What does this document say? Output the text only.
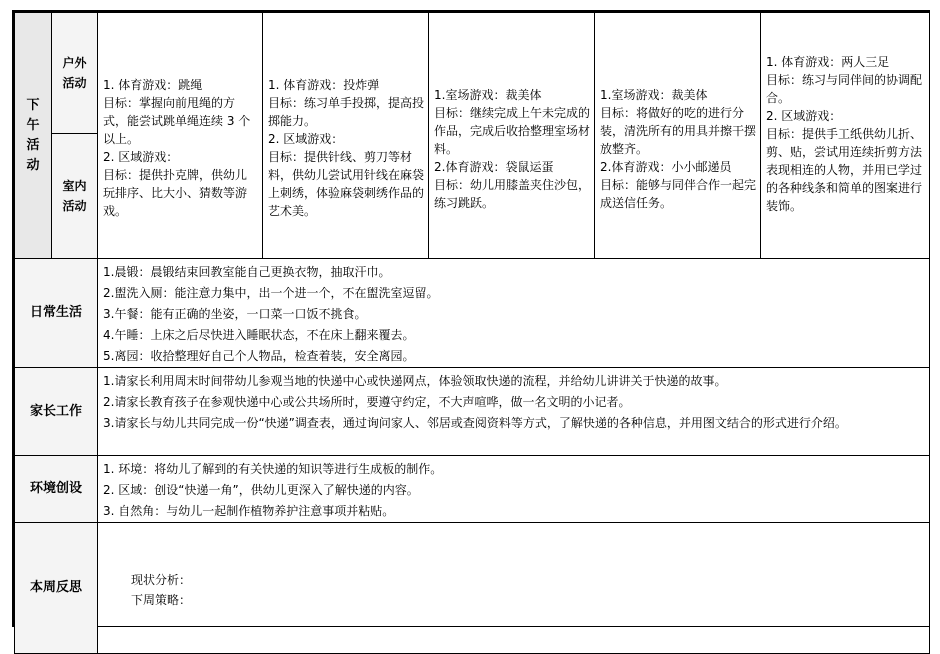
下午活动	户外活动	1. 体育游戏：跳绳
目标：掌握向前甩绳的方式，能尝试跳单绳连续 3 个以上。
2. 区域游戏：
目标：提供扑克牌，供幼儿玩排序、比大小、猜数等游戏。	1. 体育游戏：投炸弹
目标：练习单手投掷，提高投掷能力。
2. 区域游戏：
目标：提供针线、剪刀等材料，供幼儿尝试用针线在麻袋上刺绣，体验麻袋刺绣作品的艺术美。	1.室场游戏：裁美体
目标：继续完成上午未完成的作品，完成后收拾整理室场材料。
2.体育游戏：袋鼠运蛋
目标：幼儿用膝盖夹住沙包，练习跳跃。	1.室场游戏：裁美体
目标：将做好的吃的进行分装，清洗所有的用具并擦干摆放整齐。
2.体育游戏：小小邮递员
目标：能够与同伴合作一起完成送信任务。	1. 体育游戏：两人三足
目标：练习与同伴间的协调配合。
2. 区域游戏：
目标：提供手工纸供幼儿折、剪、贴，尝试用连续折剪方法表现相连的人物，并用已学过的各种线条和简单的图案进行装饰。

	室内活动					

日常生活		1.晨锻：晨锻结束回教室能自己更换衣物，抽取汗巾。
2.盥洗入厕：能注意力集中，出一个进一个，不在盥洗室逗留。
3.午餐：能有正确的坐姿，一口菜一口饭不挑食。
4.午睡：上床之后尽快进入睡眠状态，不在床上翻来覆去。
5.离园：收拾整理好自己个人物品，检查着装，安全离园。				

家长工作		1.请家长利用周末时间带幼儿参观当地的快递中心或快递网点，体验领取快递的流程，并给幼儿讲讲关于快递的故事。
2.请家长教育孩子在参观快递中心或公共场所时，要遵守约定，不大声喧哗，做一名文明的小记者。
3.请家长与幼儿共同完成一份“快递”调查表，通过询问家人、邻居或查阅资料等方式，了解快递的各种信息，并用图文结合的形式进行介绍。				

环境创设		1. 环境：将幼儿了解到的有关快递的知识等进行生成板的制作。
2. 区域：创设“快递一角”，供幼儿更深入了解快递的内容。
3. 自然角：与幼儿一起制作植物养护注意事项并粘贴。				

本周反思		现状分析：
下周策略：				
